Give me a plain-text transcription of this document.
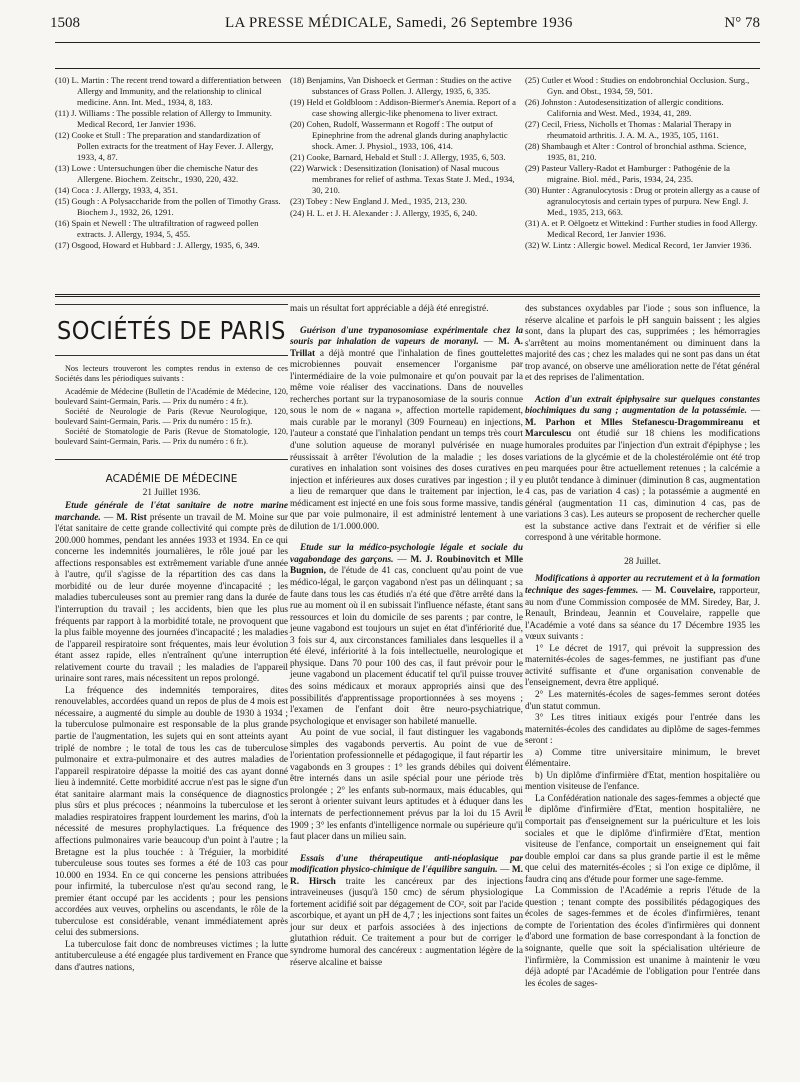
1508	LA PRESSE MÉDICALE, Samedi, 26 Septembre 1936	N° 78
(10) L. Martin : The recent trend toward a differentiation between Allergy and Immunity, and the relationship to clinical medicine. Ann. Int. Med., 1934, 8, 183.
(11) J. Williams : The possible relation of Allergy to Immunity. Medical Record, 1er Janvier 1936.
(12) Cooke et Stull : The preparation and standardization of Pollen extracts for the treatment of Hay Fever. J. Allergy, 1933, 4, 87.
(13) Lowe : Untersuchungen über die chemische Natur des Allergene. Biochem. Zeitschr., 1930, 220, 432.
(14) Coca : J. Allergy, 1933, 4, 351.
(15) Gough : A Polysaccharide from the pollen of Timothy Grass. Biochem J., 1932, 26, 1291.
(16) Spain et Newell : The ultrafiltration of ragweed pollen extracts. J. Allergy, 1934, 5, 455.
(17) Osgood, Howard et Hubbard : J. Allergy, 1935, 6, 349.
(18) Benjamins, Van Dishoeck et German : Studies on the active substances of Grass Pollen. J. Allergy, 1935, 6, 335.
(19) Held et Goldbloom : Addison-Biermer's Anemia. Report of a case showing allergic-like phenomena to liver extract.
(20) Cohen, Rudolf, Wassermann et Rogoff : The output of Epinephrine from the adrenal glands during anaphylactic shock. Amer. J. Physiol., 1933, 106, 414.
(21) Cooke, Barnard, Hebald et Stull : J. Allergy, 1935, 6, 503.
(22) Warwick : Desensitization (Ionisation) of Nasal mucous membranes for relief of asthma. Texas State J. Med., 1934, 30, 210.
(23) Tobey : New England J. Med., 1935, 213, 230.
(24) H. L. et J. H. Alexander : J. Allergy, 1935, 6, 240.
(25) Cutler et Wood : Studies on endobronchial Occlusion. Surg., Gyn. and Obst., 1934, 59, 501.
(26) Johnston : Autodesensitization of allergic conditions. California and West. Med., 1934, 41, 289.
(27) Cecil, Friess, Nicholls et Thomas : Malarial Therapy in rheumatoid arthritis. J. A. M. A., 1935, 105, 1161.
(28) Shambaugh et Alter : Control of bronchial asthma. Science, 1935, 81, 210.
(29) Pasteur Vallery-Radot et Hamburger : Pathogénie de la migraine. Biol. méd., Paris, 1934, 24, 235.
(30) Hunter : Agranulocytosis : Drug or protein allergy as a cause of agranulocytosis and certain types of purpura. New Engl. J. Med., 1935, 213, 663.
(31) A. et P. Oëlgoetz et Wittekind : Further studies in food Allergy. Medical Record, 1er Janvier 1936.
(32) W. Lintz : Allergic bowel. Medical Record, 1er Janvier 1936.
SOCIÉTÉS DE PARIS

Nos lecteurs trouveront les comptes rendus in extenso de ces Sociétés dans les périodiques suivants :

Académie de Médecine (Bulletin de l'Académie de Médecine, 120, boulevard Saint-Germain, Paris. — Prix du numéro : 4 fr.).

Société de Neurologie de Paris (Revue Neurologique, 120, boulevard Saint-Germain, Paris. — Prix du numéro : 15 fr.).

Société de Stomatologie de Paris (Revue de Stomatologie, 120, boulevard Saint-Germain, Paris. — Prix du numéro : 6 fr.).

ACADÉMIE DE MÉDECINE
21 Juillet 1936.

Etude générale de l'état sanitaire de notre marine marchande. — M. Rist présente un travail de M. Moine sur l'état sanitaire de cette grande collectivité qui compte près de 200.000 hommes, pendant les années 1933 et 1934. En ce qui concerne les indemnités journalières, le rôle joué par les affections responsables est extrêmement variable d'une année à l'autre, qu'il s'agisse de la répartition des cas dans la morbidité ou de leur durée moyenne d'incapacité ; les maladies tuberculeuses sont au premier rang dans la durée de l'interruption du travail ; les accidents, bien que les plus fréquents par rapport à la morbidité totale, ne provoquent que la plus faible moyenne des journées d'incapacité ; les maladies de l'appareil respiratoire sont fréquentes, mais leur évolution étant assez rapide, elles n'entraînent qu'une interruption relativement courte du travail ; les maladies de l'appareil urinaire sont rares, mais nécessitent un repos prolongé.

La fréquence des indemnités temporaires, dites renouvelables, accordées quand un repos de plus de 4 mois est nécessaire, a augmenté du simple au double de 1930 à 1934 ; la tuberculose pulmonaire est responsable de la plus grande partie de l'augmentation, les sujets qui en sont atteints ayant triplé de nombre ; le total de tous les cas de tuberculose pulmonaire et extra-pulmonaire et des autres maladies de l'appareil respiratoire dépasse la moitié des cas ayant donné lieu à indemnité. Cette morbidité accrue n'est pas le signe d'un état sanitaire alarmant mais la conséquence de diagnostics plus sûrs et plus précoces ; néanmoins la tuberculose et les maladies respiratoires frappent lourdement les marins, d'où la nécessité de mesures prophylactiques. La fréquence des affections pulmonaires varie beaucoup d'un point à l'autre ; la Bretagne est la plus touchée : à Tréguier, la morbidité tuberculeuse sous toutes ses formes a été de 103 cas pour 10.000 en 1934. En ce qui concerne les pensions attribuées pour infirmité, la tuberculose n'est qu'au second rang, le premier étant occupé par les accidents ; pour les pensions accordées aux veuves, orphelins ou ascendants, le rôle de la tuberculose est considérable, venant immédiatement après celui des submersions.

La tuberculose fait donc de nombreuses victimes ; la lutte antituberculeuse a été engagée plus tardivement en France que dans d'autres nations,

mais un résultat fort appréciable a déjà été enregistré.

Guérison d'une trypanosomiase expérimentale chez la souris par inhalation de vapeurs de moranyl. — M. A. Trillat a déjà montré que l'inhalation de fines gouttelettes microbiennes pouvait ensemencer l'organisme par l'intermédiaire de la voie pulmonaire et qu'on pouvait par la même voie réaliser des vaccinations. Dans de nouvelles recherches portant sur la trypanosomiase de la souris connue sous le nom de « nagana », affection mortelle rapidement, mais curable par le moranyl (309 Fourneau) en injections, l'auteur a constaté que l'inhalation pendant un temps très court d'une solution aqueuse de moranyl pulvérisée en nuage réussissait à arrêter l'évolution de la maladie ; les doses curatives en inhalation sont voisines des doses curatives en injection et inférieures aux doses curatives par ingestion ; il y a lieu de remarquer que dans le traitement par injection, le médicament est injecté en une fois sous forme massive, tandis que par voie pulmonaire, il est administré lentement à une dilution de 1/1.000.000.

Etude sur la médico-psychologie légale et sociale du vagabondage des garçons. — M. J. Roubinovitch et Mlle Bugnion, de l'étude de 41 cas, concluent qu'au point de vue médico-légal, le garçon vagabond n'est pas un délinquant ; sa faute dans tous les cas étudiés n'a été que d'être arrêté dans la rue au moment où il en subissait l'influence néfaste, étant sans ressources et loin du domicile de ses parents ; par contre, le jeune vagabond est toujours un sujet en état d'infériorité due, 3 fois sur 4, aux circonstances familiales dans lesquelles il a été élevé, infériorité à la fois intellectuelle, neurologique et physique. Dans 70 pour 100 des cas, il faut prévoir pour le jeune vagabond un placement éducatif tel qu'il puisse trouver des soins médicaux et moraux appropriés ainsi que des possibilités d'apprentissage proportionnées à ses moyens ; l'examen de l'enfant doit être neuro-psychiatrique, psychologique et envisager son habileté manuelle.

Au point de vue social, il faut distinguer les vagabonds simples des vagabonds pervertis. Au point de vue de l'orientation professionnelle et pédagogique, il faut répartir les vagabonds en 3 groupes : 1° les grands débiles qui doivent être internés dans un asile spécial pour une période très prolongée ; 2° les enfants sub-normaux, mais éducables, qui seront à orienter suivant leurs aptitudes et à éduquer dans les internats de perfectionnement prévus par la loi du 15 Avril 1909 ; 3° les enfants d'intelligence normale ou supérieure qu'il faut placer dans un milieu sain.

Essais d'une thérapeutique anti-néoplasique par modification physico-chimique de l'équilibre sanguin. — M. R. Hirsch traite les cancéreux par des injections intraveineuses (jusqu'à 150 cmc) de sérum physiologique fortement acidifié soit par dégagement de CO², soit par l'acide ascorbique, et ayant un pH de 4,7 ; les injections sont faites un jour sur deux et parfois associées à des injections de glutathion réduit. Ce traitement a pour but de corriger le syndrome humoral des cancéreux : augmentation légère de la réserve alcaline et baisse

des substances oxydables par l'iode ; sous son influence, la réserve alcaline et parfois le pH sanguin baissent ; les algies sont, dans la plupart des cas, supprimées ; les hémorragies s'arrêtent au moins momentanément ou diminuent dans la majorité des cas ; chez les malades qui ne sont pas dans un état trop avancé, on observe une amélioration nette de l'état général et des reprises de l'alimentation.

Action d'un extrait épiphysaire sur quelques constantes biochimiques du sang ; augmentation de la potassémie. — M. Parhon et Mlles Stefanescu-Dragommireanu et Marculescu ont étudié sur 18 chiens les modifications humorales produites par l'injection d'un extrait d'épiphyse ; les variations de la glycémie et de la cholestérolémie ont été trop peu marquées pour être actuellement retenues ; la calcémie a eu plutôt tendance à diminuer (diminution 8 cas, augmentation 4 cas, pas de variation 4 cas) ; la potassémie a augmenté en général (augmentation 11 cas, diminution 4 cas, pas de variations 3 cas). Les auteurs se proposent de rechercher quelle est la substance active dans l'extrait et de vérifier si elle correspond à une véritable hormone.

28 Juillet.

Modifications à apporter au recrutement et à la formation technique des sages-femmes. — M. Couvelaire, rapporteur, au nom d'une Commission composée de MM. Siredey, Bar, J. Renault, Brindeau, Jeannin et Couvelaire, rappelle que l'Académie a voté dans sa séance du 17 Décembre 1935 les vœux suivants :

1° Le décret de 1917, qui prévoit la suppression des maternités-écoles de sages-femmes, ne justifiant pas d'une activité suffisante et d'une organisation convenable de l'enseignement, devra être appliqué.

2° Les maternités-écoles de sages-femmes seront dotées d'un statut commun.

3° Les titres initiaux exigés pour l'entrée dans les maternités-écoles des candidates au diplôme de sages-femmes seront :

a) Comme titre universitaire minimum, le brevet élémentaire.

b) Un diplôme d'infirmière d'Etat, mention hospitalière ou mention visiteuse de l'enfance.

La Confédération nationale des sages-femmes a objecté que le diplôme d'infirmière d'Etat, mention hospitalière, ne comportait pas d'enseignement sur la puériculture et les lois sociales et que le diplôme d'infirmière d'Etat, mention visiteuse de l'enfance, comportait un enseignement qui fait double emploi car dans sa plus grande partie il est le même que celui des maternités-écoles ; si l'on exige ce diplôme, il faudra cinq ans d'étude pour former une sage-femme.

La Commission de l'Académie a repris l'étude de la question ; tenant compte des possibilités pédagogiques des écoles de sages-femmes et de écoles d'infirmières, tenant compte de l'orientation des écoles d'infirmières qui donnent d'abord une formation de base correspondant à la fonction de soignante, quelle que soit la spécialisation ultérieure de l'infirmière, la Commission est unanime à maintenir le vœu déjà adopté par l'Académie de l'obligation pour l'entrée dans les écoles de sages-
